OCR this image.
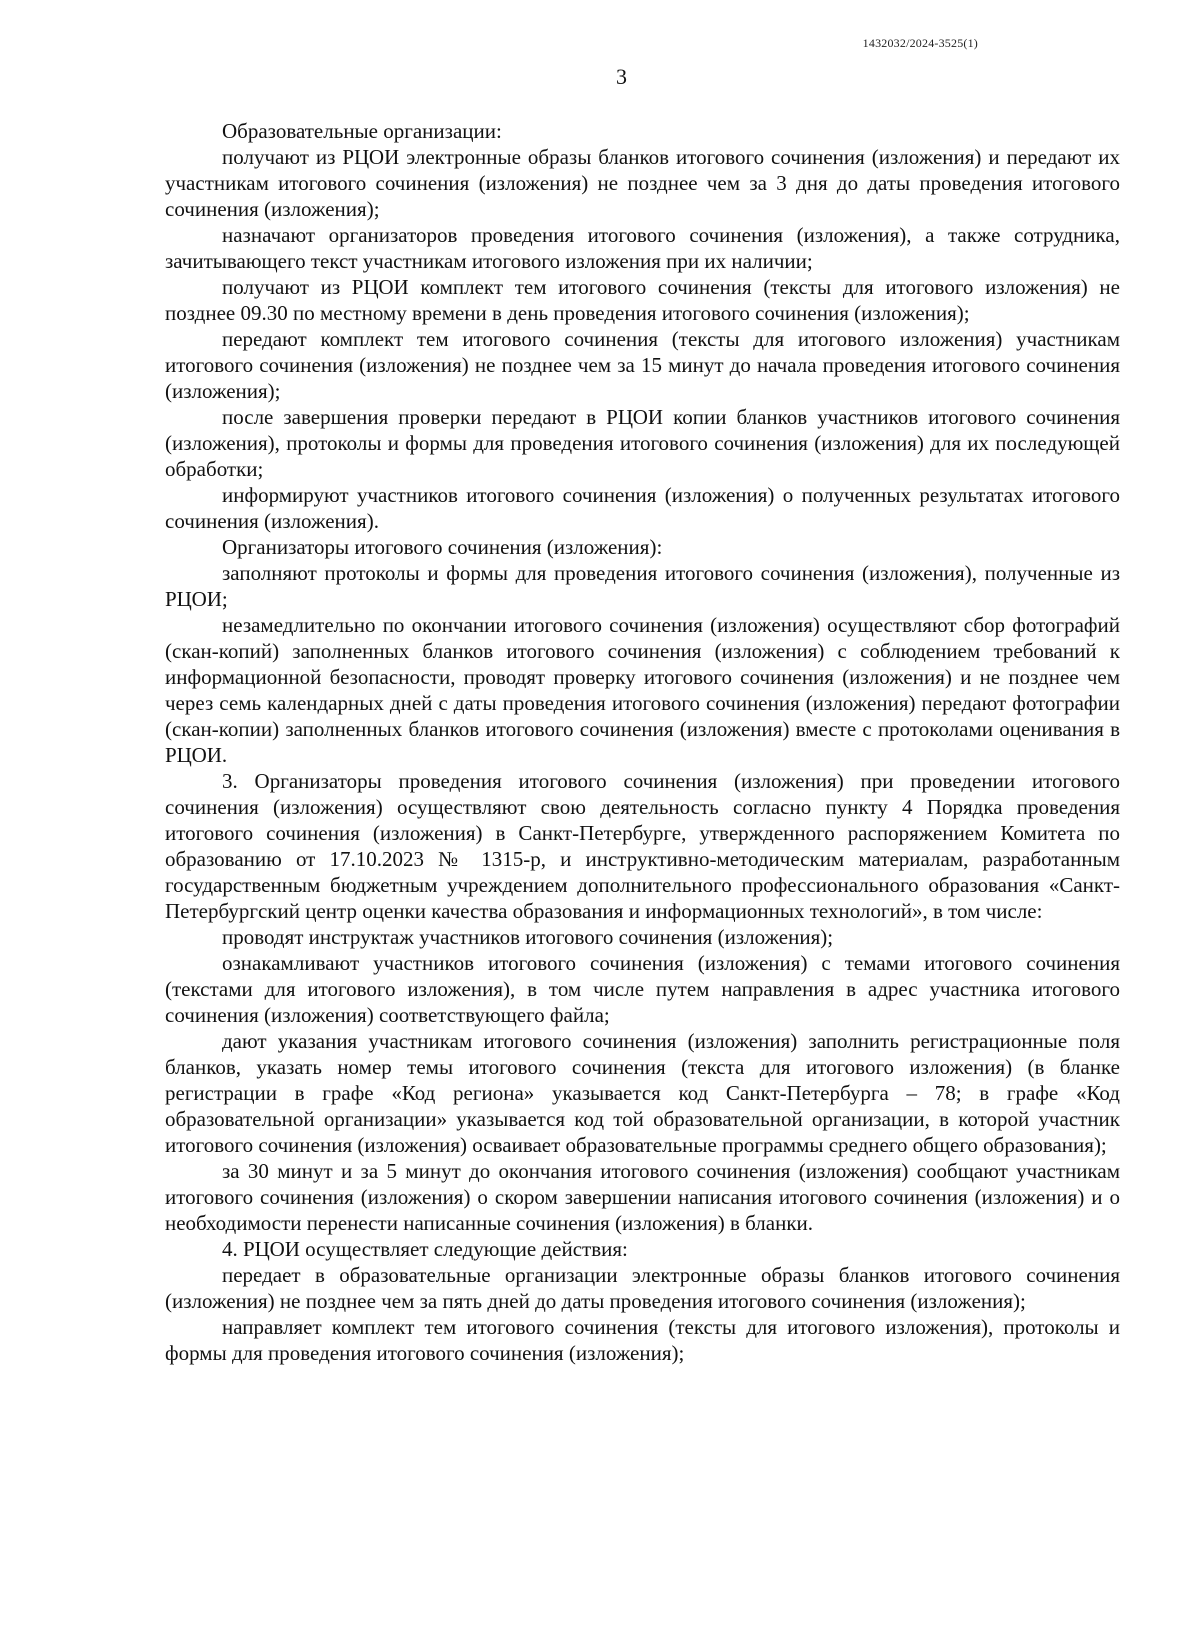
1432032/2024-3525(1)
3

Образовательные организации:

получают из РЦОИ электронные образы бланков итогового сочинения (изложения) и передают их участникам итогового сочинения (изложения) не позднее чем за 3 дня до даты проведения итогового сочинения (изложения);

назначают организаторов проведения итогового сочинения (изложения), а также сотрудника, зачитывающего текст участникам итогового изложения при их наличии;

получают из РЦОИ комплект тем итогового сочинения (тексты для итогового изложения) не позднее 09.30 по местному времени в день проведения итогового сочинения (изложения);

передают комплект тем итогового сочинения (тексты для итогового изложения) участникам итогового сочинения (изложения) не позднее чем за 15 минут до начала проведения итогового сочинения (изложения);

после завершения проверки передают в РЦОИ копии бланков участников итогового сочинения (изложения), протоколы и формы для проведения итогового сочинения (изложения) для их последующей обработки;

информируют участников итогового сочинения (изложения) о полученных результатах итогового сочинения (изложения).

Организаторы итогового сочинения (изложения):

заполняют протоколы и формы для проведения итогового сочинения (изложения), полученные из РЦОИ;

незамедлительно по окончании итогового сочинения (изложения) осуществляют сбор фотографий (скан-копий) заполненных бланков итогового сочинения (изложения) с соблюдением требований к информационной безопасности, проводят проверку итогового сочинения (изложения) и не позднее чем через семь календарных дней с даты проведения итогового сочинения (изложения) передают фотографии (скан-копии) заполненных бланков итогового сочинения (изложения) вместе с протоколами оценивания в РЦОИ.

3. Организаторы проведения итогового сочинения (изложения) при проведении итогового сочинения (изложения) осуществляют свою деятельность согласно пункту 4 Порядка проведения итогового сочинения (изложения) в Санкт-Петербурге, утвержденного распоряжением Комитета по образованию от 17.10.2023 № 1315-р, и инструктивно-методическим материалам, разработанным государственным бюджетным учреждением дополнительного профессионального образования «Санкт-Петербургский центр оценки качества образования и информационных технологий», в том числе:

проводят инструктаж участников итогового сочинения (изложения);

ознакамливают участников итогового сочинения (изложения) с темами итогового сочинения (текстами для итогового изложения), в том числе путем направления в адрес участника итогового сочинения (изложения) соответствующего файла;

дают указания участникам итогового сочинения (изложения) заполнить регистрационные поля бланков, указать номер темы итогового сочинения (текста для итогового изложения) (в бланке регистрации в графе «Код региона» указывается код Санкт-Петербурга – 78; в графе «Код образовательной организации» указывается код той образовательной организации, в которой участник итогового сочинения (изложения) осваивает образовательные программы среднего общего образования);

за 30 минут и за 5 минут до окончания итогового сочинения (изложения) сообщают участникам итогового сочинения (изложения) о скором завершении написания итогового сочинения (изложения) и о необходимости перенести написанные сочинения (изложения) в бланки.

4. РЦОИ осуществляет следующие действия:

передает в образовательные организации электронные образы бланков итогового сочинения (изложения) не позднее чем за пять дней до даты проведения итогового сочинения (изложения);

направляет комплект тем итогового сочинения (тексты для итогового изложения), протоколы и формы для проведения итогового сочинения (изложения);
